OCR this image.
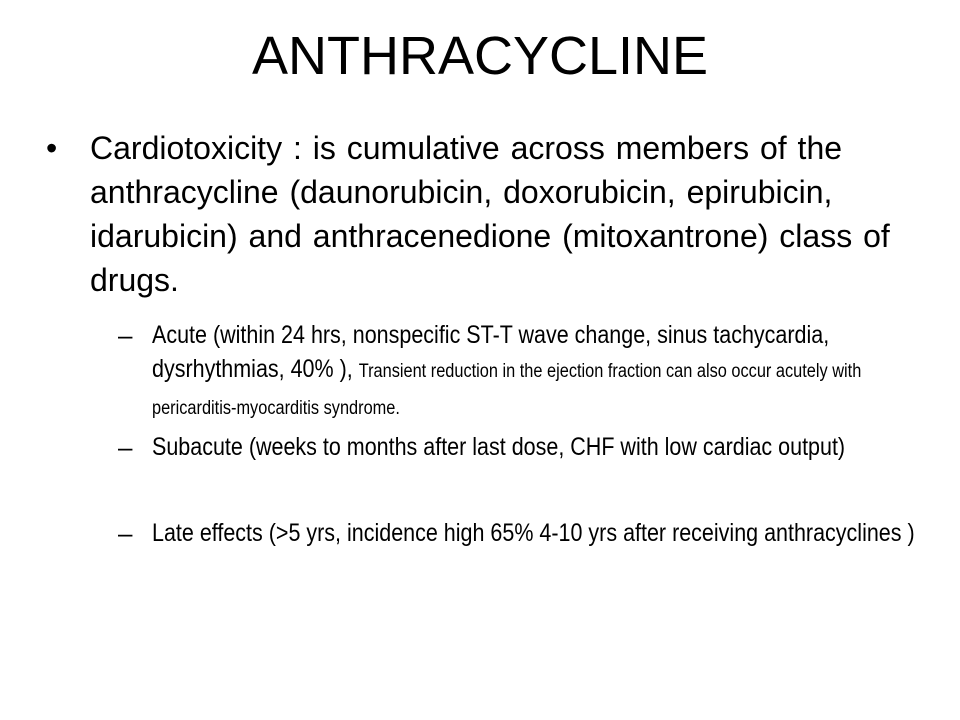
ANTHRACYCLINE
• Cardiotoxicity : is cumulative across members of the anthracycline (daunorubicin, doxorubicin, epirubicin, idarubicin) and anthracenedione (mitoxantrone) class of drugs.
– Acute (within 24 hrs, nonspecific ST-T wave change, sinus tachycardia, dysrhythmias, 40% ), Transient reduction in the ejection fraction can also occur acutely with pericarditis-myocarditis syndrome.
– Subacute (weeks to months after last dose, CHF with low cardiac output)
– Late effects (>5 yrs, incidence high 65% 4-10 yrs after receiving anthracyclines )
